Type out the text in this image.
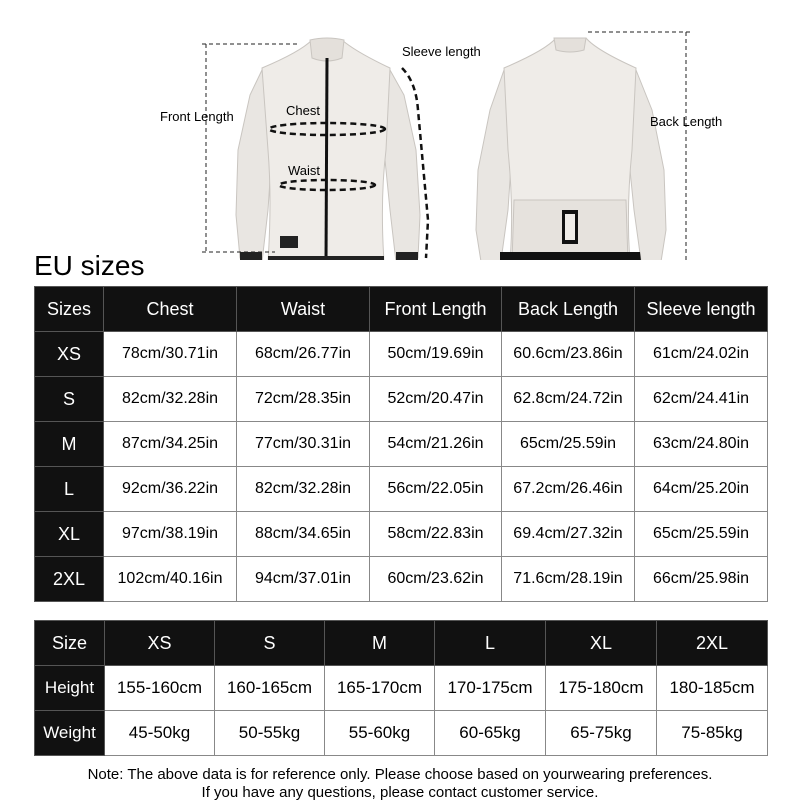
Front Length	Chest
Waist
Sleeve length
Back Length
EU sizes
Sizes	Chest	Waist	Front Length	Back Length	Sleeve length
XS	78cm/30.71in	68cm/26.77in	50cm/19.69in	60.6cm/23.86in	61cm/24.02in
S	82cm/32.28in	72cm/28.35in	52cm/20.47in	62.8cm/24.72in	62cm/24.41in
M	87cm/34.25in	77cm/30.31in	54cm/21.26in	65cm/25.59in	63cm/24.80in
L	92cm/36.22in	82cm/32.28in	56cm/22.05in	67.2cm/26.46in	64cm/25.20in
XL	97cm/38.19in	88cm/34.65in	58cm/22.83in	69.4cm/27.32in	65cm/25.59in
2XL	102cm/40.16in	94cm/37.01in	60cm/23.62in	71.6cm/28.19in	66cm/25.98in
Size	XS	S	M	L	XL	2XL
Height	155-160cm	160-165cm	165-170cm	170-175cm	175-180cm	180-185cm
Weight	45-50kg	50-55kg	55-60kg	60-65kg	65-75kg	75-85kg
Note: The above data is for reference only. Please choose based on yourwearing preferences.
If you have any questions, please contact customer service.
